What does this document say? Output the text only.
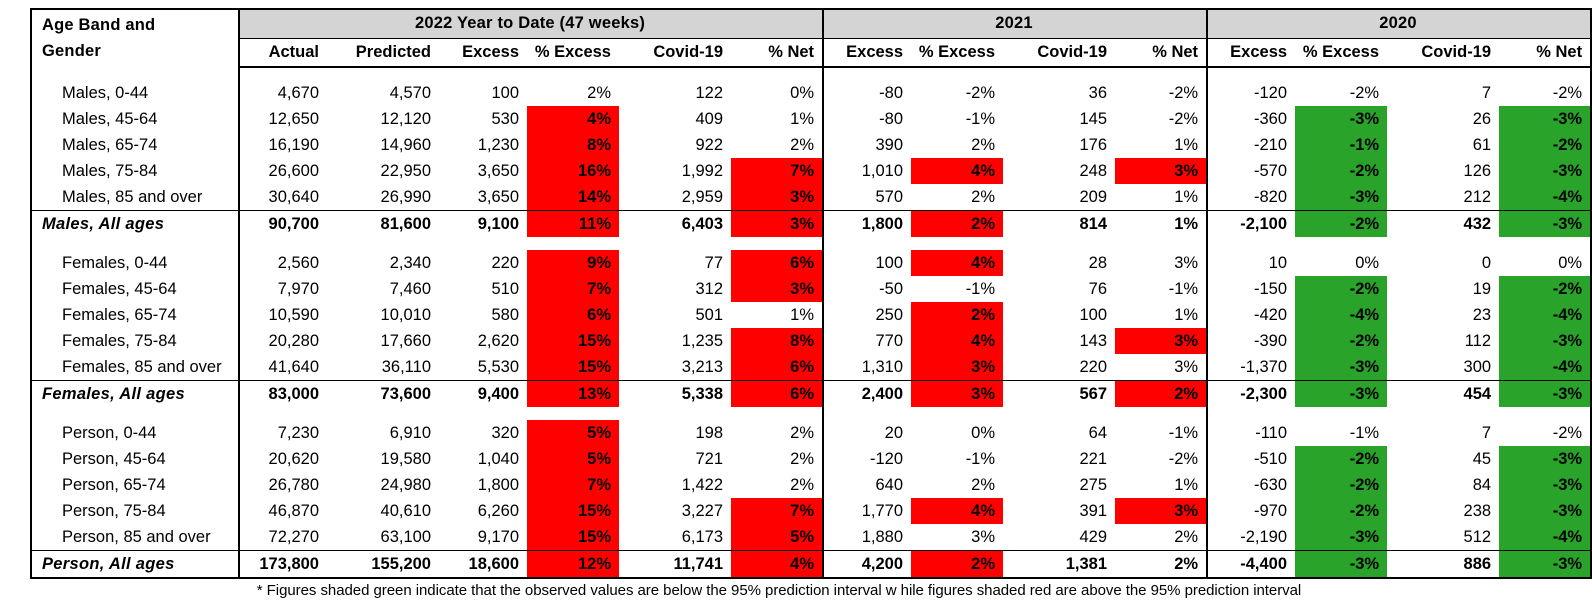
Age Band and
Gender	2022 Year to Date (47 weeks)						2021				2020			
	Actual	Predicted	Excess	% Excess	Covid-19	% Net	Excess	% Excess	Covid-19	% Net	Excess	% Excess	Covid-19	% Net

Males, 0-44	4,670	4,570	100	2%	122	0%	-80	-2%	36	-2%	-120	-2%	7	-2%
Males, 45-64	12,650	12,120	530	4%	409	1%	-80	-1%	145	-2%	-360	-3%	26	-3%
Males, 65-74	16,190	14,960	1,230	8%	922	2%	390	2%	176	1%	-210	-1%	61	-2%
Males, 75-84	26,600	22,950	3,650	16%	1,992	7%	1,010	4%	248	3%	-570	-2%	126	-3%
Males, 85 and over	30,640	26,990	3,650	14%	2,959	3%	570	2%	209	1%	-820	-3%	212	-4%
Males, All ages	90,700	81,600	9,100	11%	6,403	3%	1,800	2%	814	1%	-2,100	-2%	432	-3%

Females, 0-44	2,560	2,340	220	9%	77	6%	100	4%	28	3%	10	0%	0	0%
Females, 45-64	7,970	7,460	510	7%	312	3%	-50	-1%	76	-1%	-150	-2%	19	-2%
Females, 65-74	10,590	10,010	580	6%	501	1%	250	2%	100	1%	-420	-4%	23	-4%
Females, 75-84	20,280	17,660	2,620	15%	1,235	8%	770	4%	143	3%	-390	-2%	112	-3%
Females, 85 and over	41,640	36,110	5,530	15%	3,213	6%	1,310	3%	220	3%	-1,370	-3%	300	-4%
Females, All ages	83,000	73,600	9,400	13%	5,338	6%	2,400	3%	567	2%	-2,300	-3%	454	-3%

Person, 0-44	7,230	6,910	320	5%	198	2%	20	0%	64	-1%	-110	-1%	7	-2%
Person, 45-64	20,620	19,580	1,040	5%	721	2%	-120	-1%	221	-2%	-510	-2%	45	-3%
Person, 65-74	26,780	24,980	1,800	7%	1,422	2%	640	2%	275	1%	-630	-2%	84	-3%
Person, 75-84	46,870	40,610	6,260	15%	3,227	7%	1,770	4%	391	3%	-970	-2%	238	-3%
Person, 85 and over	72,270	63,100	9,170	15%	6,173	5%	1,880	3%	429	2%	-2,190	-3%	512	-4%
Person, All ages	173,800	155,200	18,600	12%	11,741	4%	4,200	2%	1,381	2%	-4,400	-3%	886	-3%
* Figures shaded green indicate that the observed values are below the 95% prediction interval w hile figures shaded red are above the 95% prediction interval
